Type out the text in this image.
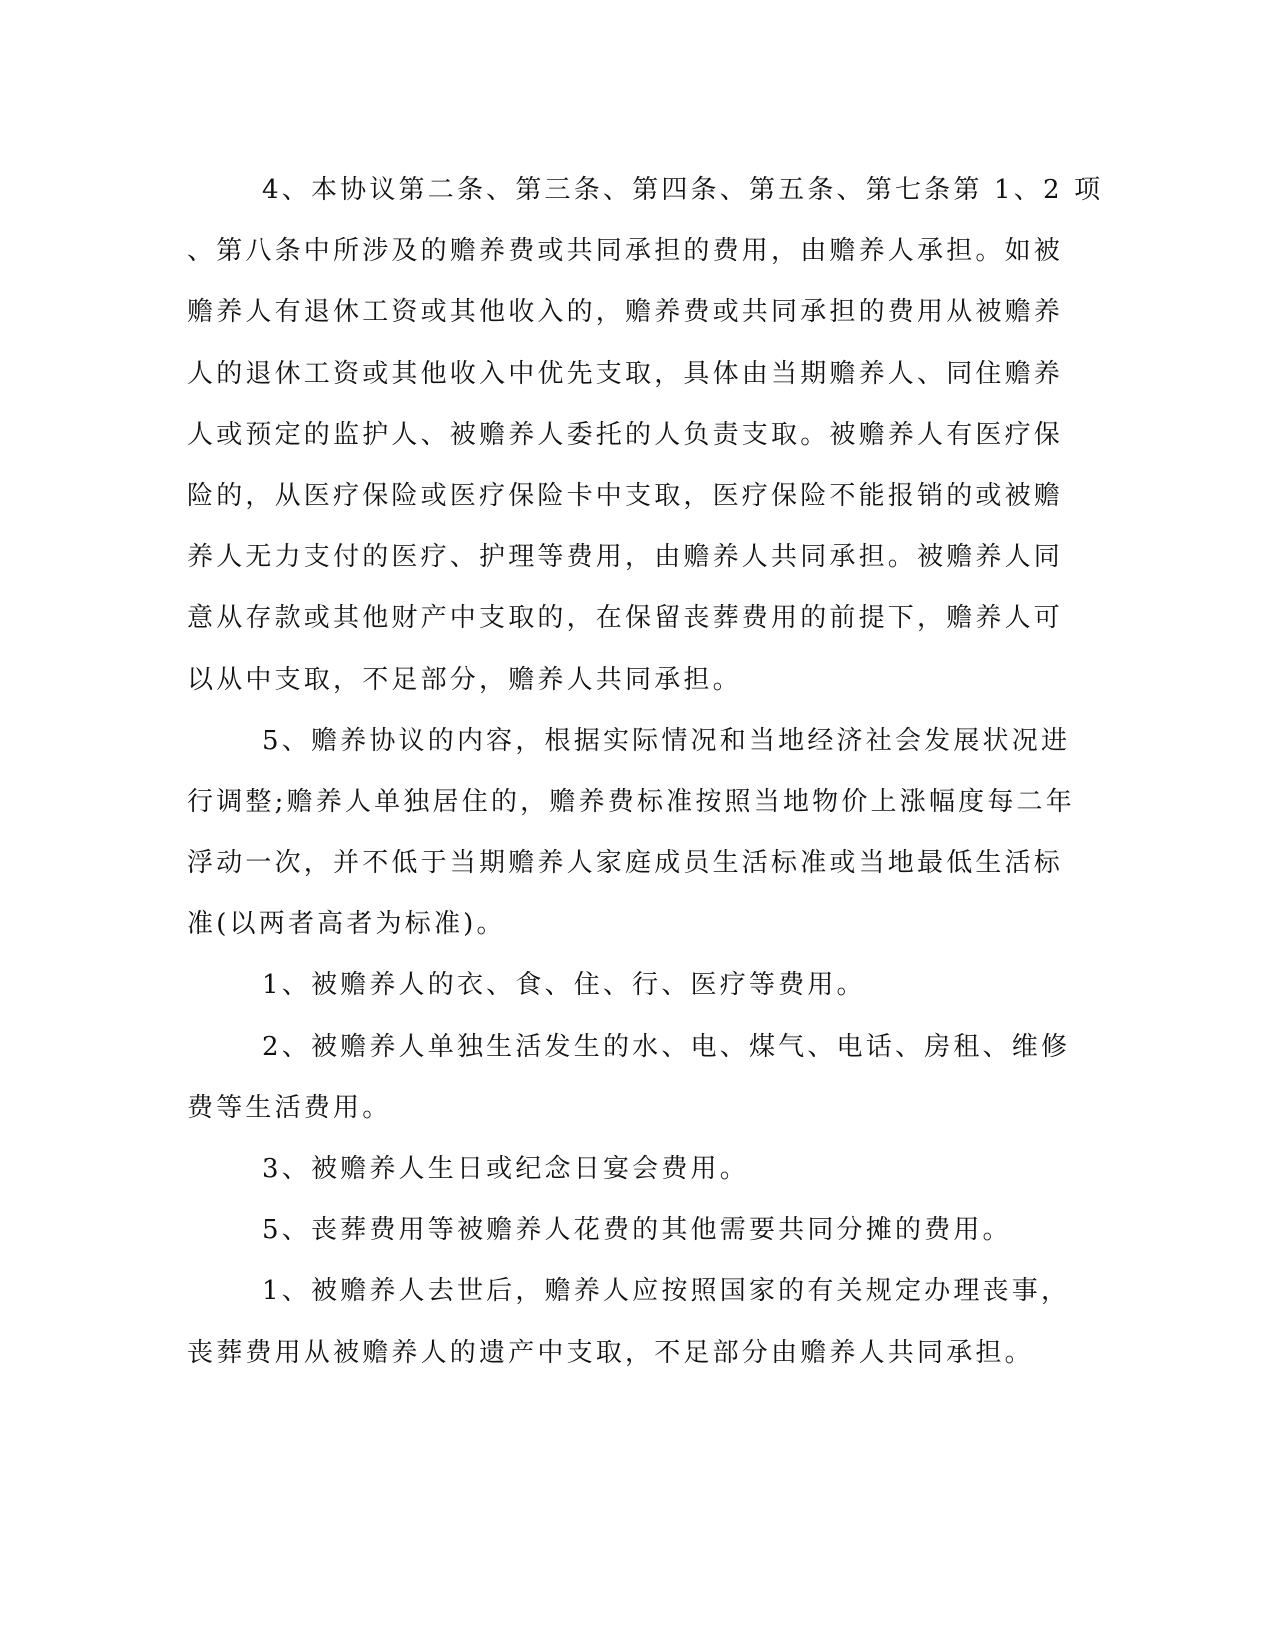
4、本协议第二条、第三条、第四条、第五条、第七条第 1、2 项
、第八条中所涉及的赡养费或共同承担的费用，由赡养人承担。如被
赡养人有退休工资或其他收入的，赡养费或共同承担的费用从被赡养
人的退休工资或其他收入中优先支取，具体由当期赡养人、同住赡养
人或预定的监护人、被赡养人委托的人负责支取。被赡养人有医疗保
险的，从医疗保险或医疗保险卡中支取，医疗保险不能报销的或被赡
养人无力支付的医疗、护理等费用，由赡养人共同承担。被赡养人同
意从存款或其他财产中支取的，在保留丧葬费用的前提下，赡养人可
以从中支取，不足部分，赡养人共同承担。
5、赡养协议的内容，根据实际情况和当地经济社会发展状况进
行调整;赡养人单独居住的，赡养费标准按照当地物价上涨幅度每二年
浮动一次，并不低于当期赡养人家庭成员生活标准或当地最低生活标
准(以两者高者为标准)。
1、被赡养人的衣、食、住、行、医疗等费用。
2、被赡养人单独生活发生的水、电、煤气、电话、房租、维修
费等生活费用。
3、被赡养人生日或纪念日宴会费用。
5、丧葬费用等被赡养人花费的其他需要共同分摊的费用。
1、被赡养人去世后，赡养人应按照国家的有关规定办理丧事，
丧葬费用从被赡养人的遗产中支取，不足部分由赡养人共同承担。
